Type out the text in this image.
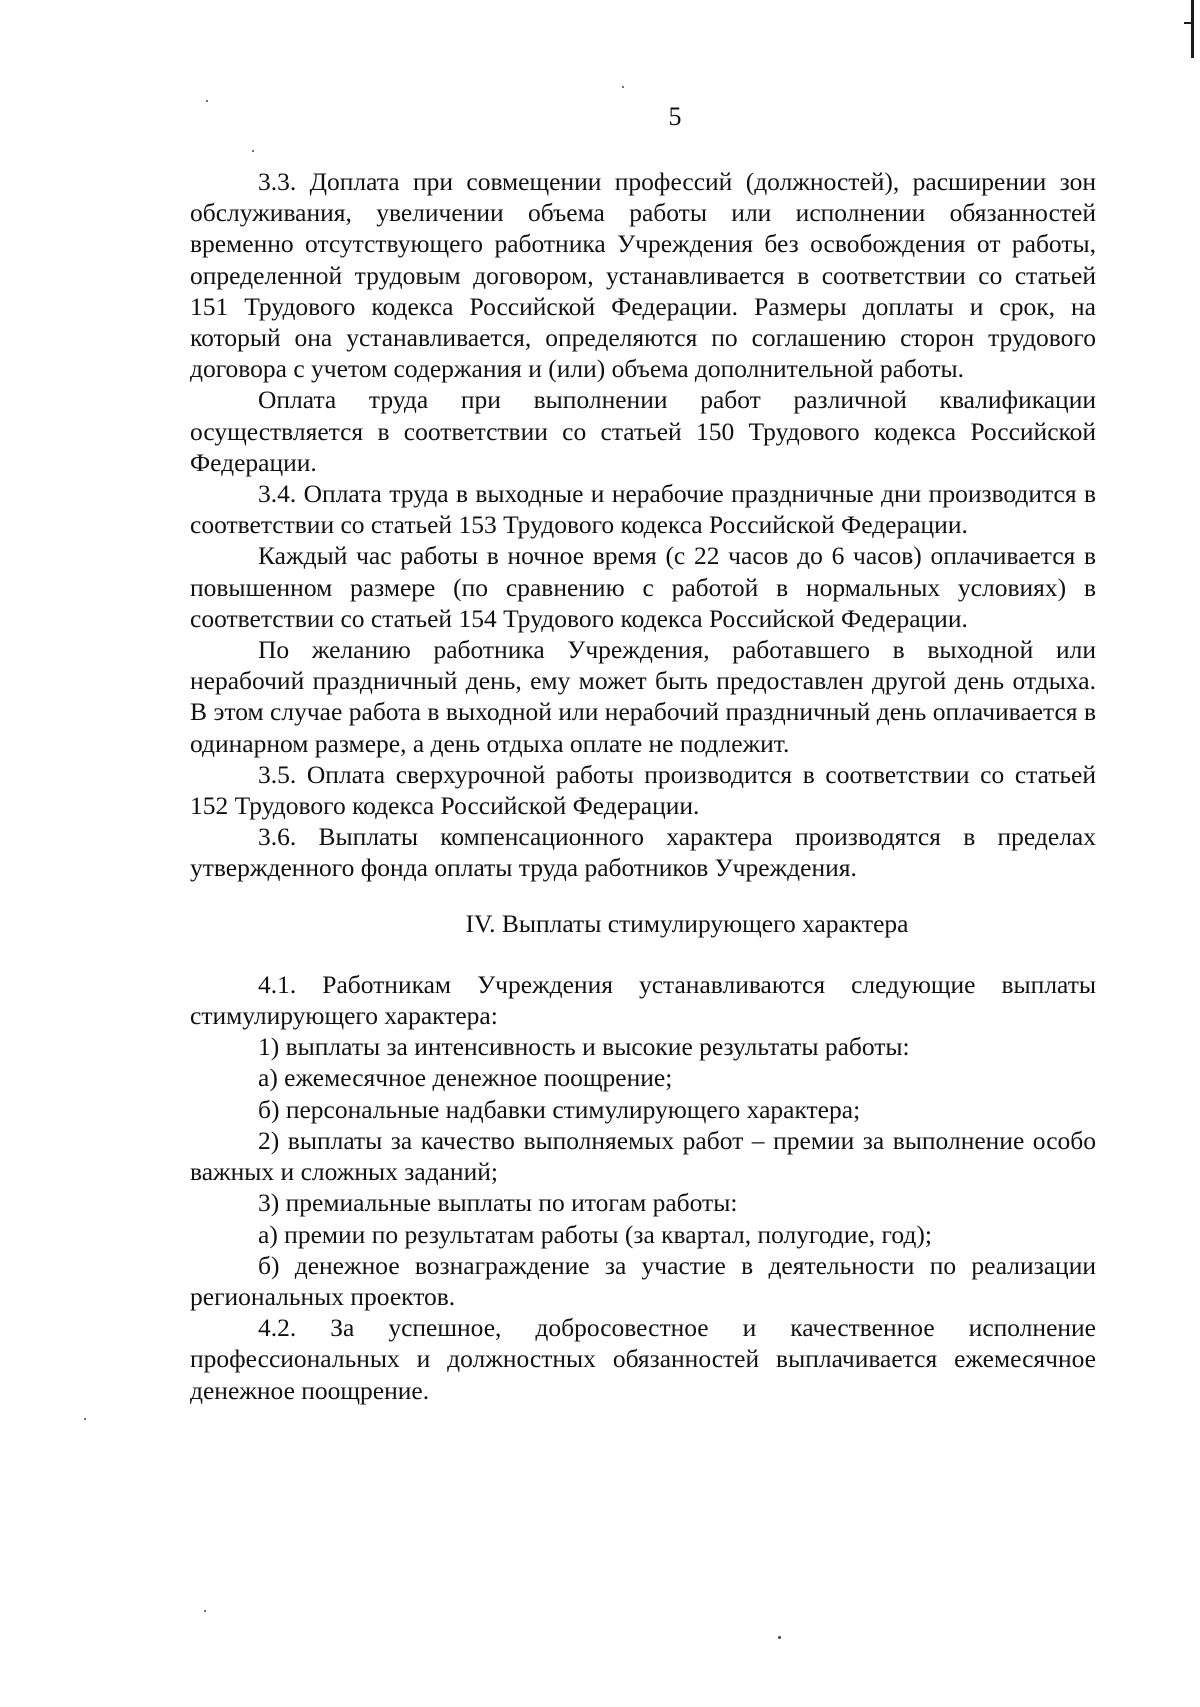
5

3.3. Доплата при совмещении профессий (должностей), расширении зон обслуживания, увеличении объема работы или исполнении обязанностей временно отсутствующего работника Учреждения без освобождения от работы, определенной трудовым договором, устанавливается в соответствии со статьей 151 Трудового кодекса Российской Федерации. Размеры доплаты и срок, на который она устанавливается, определяются по соглашению сторон трудового договора с учетом содержания и (или) объема дополнительной работы.

Оплата труда при выполнении работ различной квалификации осуществляется в соответствии со статьей 150 Трудового кодекса Российской Федерации.

3.4. Оплата труда в выходные и нерабочие праздничные дни производится в соответствии со статьей 153 Трудового кодекса Российской Федерации.

Каждый час работы в ночное время (с 22 часов до 6 часов) оплачивается в повышенном размере (по сравнению с работой в нормальных условиях) в соответствии со статьей 154 Трудового кодекса Российской Федерации.

По желанию работника Учреждения, работавшего в выходной или нерабочий праздничный день, ему может быть предоставлен другой день отдыха. В этом случае работа в выходной или нерабочий праздничный день оплачивается в одинарном размере, а день отдыха оплате не подлежит.

3.5. Оплата сверхурочной работы производится в соответствии со статьей 152 Трудового кодекса Российской Федерации.

3.6. Выплаты компенсационного характера производятся в пределах утвержденного фонда оплаты труда работников Учреждения.

IV. Выплаты стимулирующего характера

4.1. Работникам Учреждения устанавливаются следующие выплаты стимулирующего характера:

1) выплаты за интенсивность и высокие результаты работы:

а) ежемесячное денежное поощрение;

б) персональные надбавки стимулирующего характера;

2) выплаты за качество выполняемых работ – премии за выполнение особо важных и сложных заданий;

3) премиальные выплаты по итогам работы:

а) премии по результатам работы (за квартал, полугодие, год);

б) денежное вознаграждение за участие в деятельности по реализации региональных проектов.

4.2. За успешное, добросовестное и качественное исполнение профессиональных и должностных обязанностей выплачивается ежемесячное денежное поощрение.
